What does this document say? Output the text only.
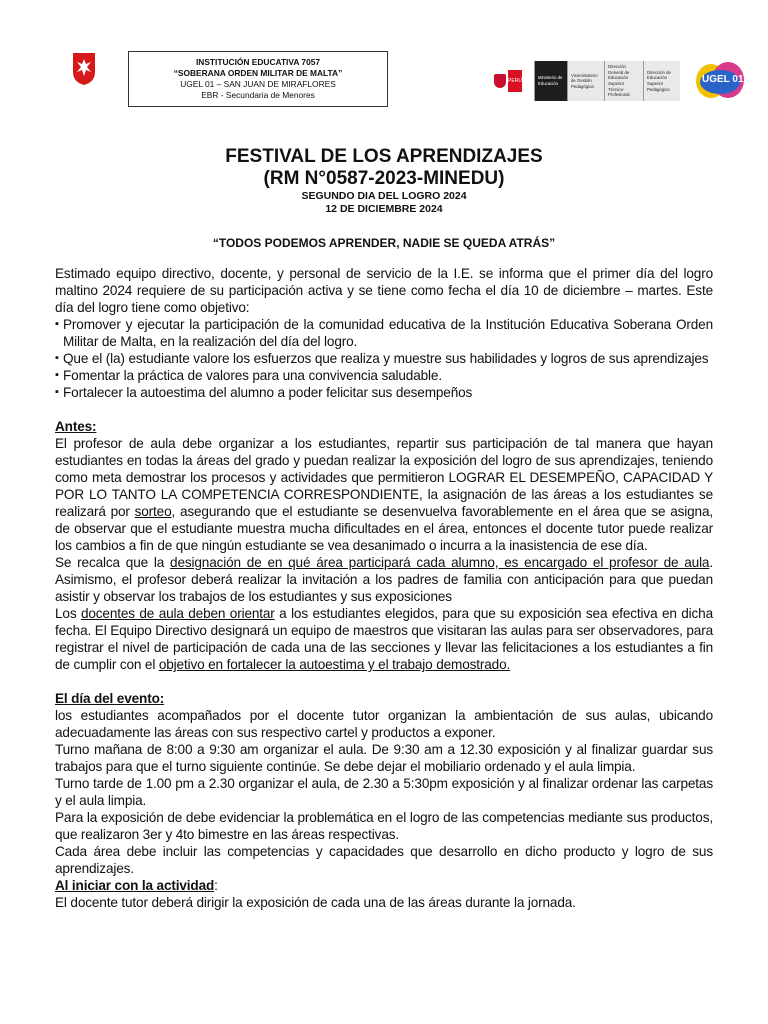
INSTITUCIÓN EDUCATIVA 7057
“SOBERANA ORDEN MILITAR DE MALTA”
UGEL 01 – SAN JUAN DE MIRAFLORES
EBR - Secundaria de Menores
PERÚ
Ministerio de Educación
Viceministerio de Gestión Pedagógica
Dirección General de Educación Superior Técnico-Profesional
Dirección de Educación Superior Pedagógica
UGEL 01
FESTIVAL DE LOS APRENDIZAJES
(RM N°0587-2023-MINEDU)
SEGUNDO DIA DEL LOGRO 2024
12 DE DICIEMBRE 2024
“TODOS PODEMOS APRENDER, NADIE SE QUEDA ATRÁS”

Estimado equipo directivo, docente, y personal de servicio de la I.E. se informa que el primer día del logro maltino 2024 requiere de su participación activa y se tiene como fecha el día 10 de diciembre – martes. Este día del logro tiene como objetivo:

▪ Promover y ejecutar la participación de la comunidad educativa de la Institución Educativa Soberana Orden Militar de Malta, en la realización del día del logro.
▪ Que el (la) estudiante valore los esfuerzos que realiza y muestre sus habilidades y logros de sus aprendizajes
▪ Fomentar la práctica de valores para una convivencia saludable.
▪ Fortalecer la autoestima del alumno a poder felicitar sus desempeños

Antes:

El profesor de aula debe organizar a los estudiantes, repartir sus participación de tal manera que hayan estudiantes en todas la áreas del grado y puedan realizar la exposición del logro de sus aprendizajes, teniendo como meta demostrar los procesos y actividades que permitieron LOGRAR EL DESEMPEÑO, CAPACIDAD Y POR LO TANTO LA COMPETENCIA CORRESPONDIENTE, la asignación de las áreas a los estudiantes se realizará por sorteo, asegurando que el estudiante se desenvuelva favorablemente en el área que se asigna, de observar que el estudiante muestra mucha dificultades en el área, entonces el docente tutor puede realizar los cambios a fin de que ningún estudiante se vea desanimado o incurra a la inasistencia de ese día.

Se recalca que la designación de en qué área participará cada alumno, es encargado el profesor de aula. Asimismo, el profesor deberá realizar la invitación a los padres de familia con anticipación para que puedan asistir y observar los trabajos de los estudiantes y sus exposiciones

Los docentes de aula deben orientar a los estudiantes elegidos, para que su exposición sea efectiva en dicha fecha. El Equipo Directivo designará un equipo de maestros que visitaran las aulas para ser observadores, para registrar el nivel de participación de cada una de las secciones y llevar las felicitaciones a los estudiantes a fin de cumplir con el objetivo en fortalecer la autoestima y el trabajo demostrado.

El día del evento:

los estudiantes acompañados por el docente tutor organizan la ambientación de sus aulas, ubicando adecuadamente las áreas con sus respectivo cartel y productos a exponer.

Turno mañana de 8:00 a 9:30 am organizar el aula. De 9:30 am a 12.30 exposición y al finalizar guardar sus trabajos para que el turno siguiente continúe. Se debe dejar el mobiliario ordenado y el aula limpia.

Turno tarde de 1.00 pm a 2.30 organizar el aula, de 2.30 a 5:30pm exposición y al finalizar ordenar las carpetas y el aula limpia.

Para la exposición de debe evidenciar la problemática en el logro de las competencias mediante sus productos, que realizaron 3er y 4to bimestre en las áreas respectivas.

Cada área debe incluir las competencias y capacidades que desarrollo en dicho producto y logro de sus aprendizajes.

Al iniciar con la actividad:

El docente tutor deberá dirigir la exposición de cada una de las áreas durante la jornada.
